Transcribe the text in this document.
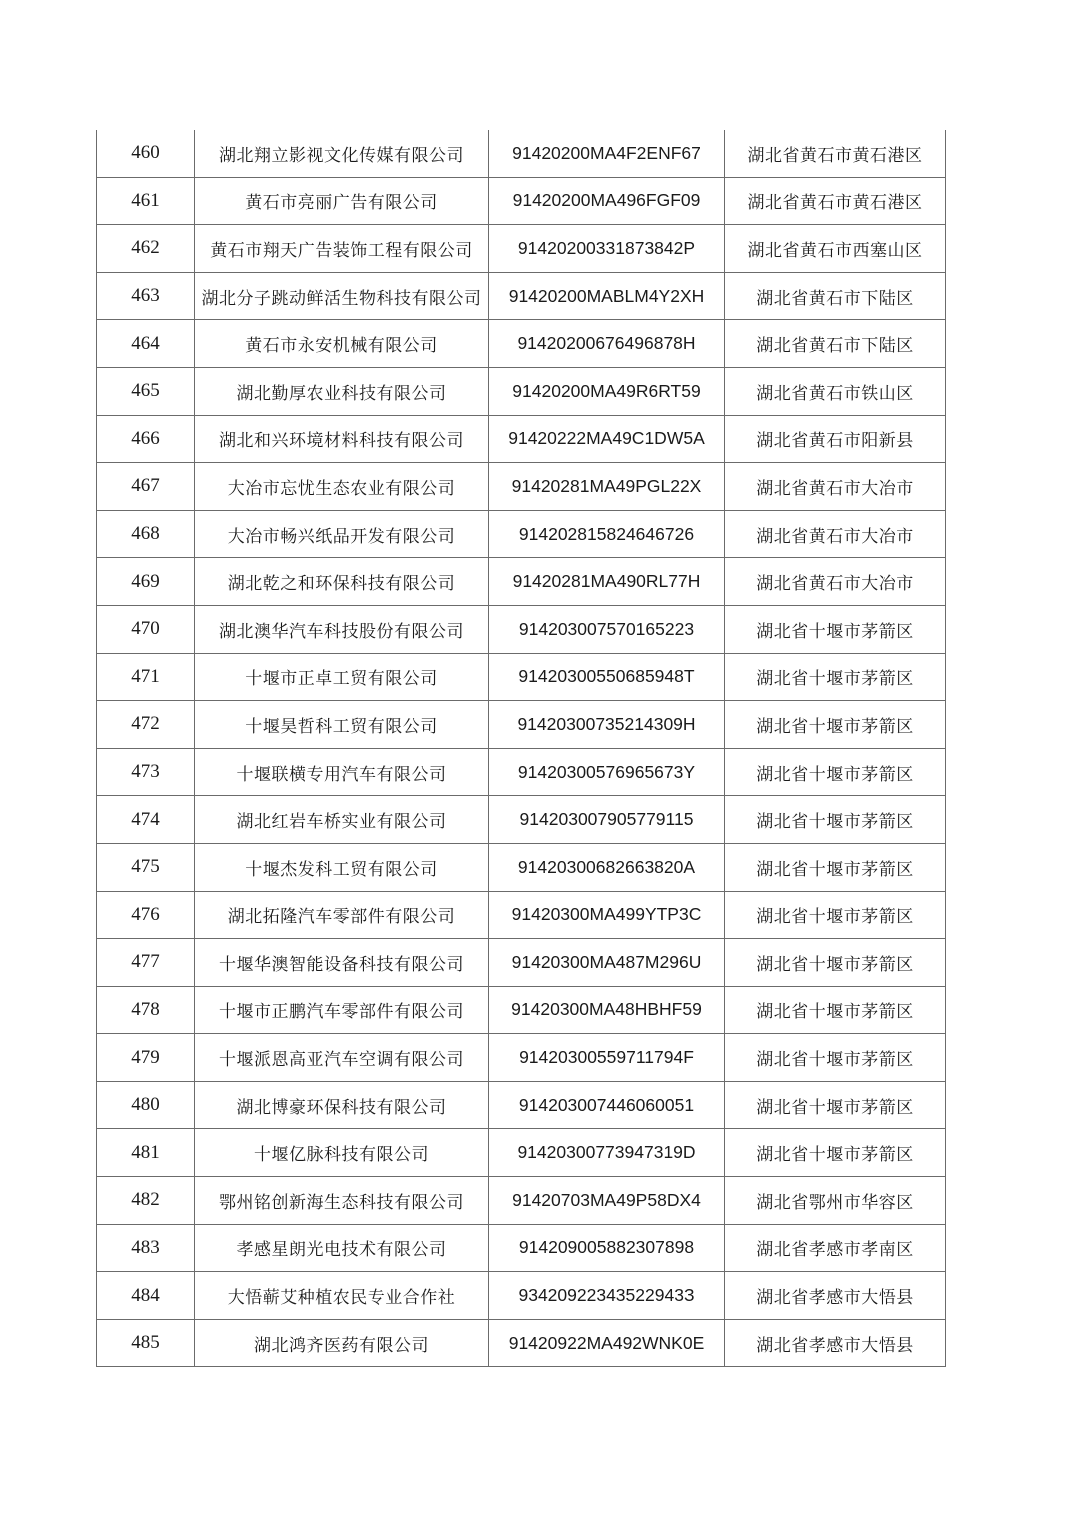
460	湖北翔立影视文化传媒有限公司	91420200MA4F2ENF67	湖北省黄石市黄石港区
461	黄石市亮丽广告有限公司	91420200MA496FGF09	湖北省黄石市黄石港区
462	黄石市翔天广告装饰工程有限公司	91420200331873842P	湖北省黄石市西塞山区
463	湖北分子跳动鲜活生物科技有限公司	91420200MABLM4Y2XH	湖北省黄石市下陆区
464	黄石市永安机械有限公司	91420200676496878H	湖北省黄石市下陆区
465	湖北勤厚农业科技有限公司	91420200MA49R6RT59	湖北省黄石市铁山区
466	湖北和兴环境材料科技有限公司	91420222MA49C1DW5A	湖北省黄石市阳新县
467	大冶市忘忧生态农业有限公司	91420281MA49PGL22X	湖北省黄石市大冶市
468	大冶市畅兴纸品开发有限公司	914202815824646726	湖北省黄石市大冶市
469	湖北乾之和环保科技有限公司	91420281MA490RL77H	湖北省黄石市大冶市
470	湖北澳华汽车科技股份有限公司	914203007570165223	湖北省十堰市茅箭区
471	十堰市正卓工贸有限公司	91420300550685948T	湖北省十堰市茅箭区
472	十堰昊哲科工贸有限公司	91420300735214309H	湖北省十堰市茅箭区
473	十堰联横专用汽车有限公司	91420300576965673Y	湖北省十堰市茅箭区
474	湖北红岩车桥实业有限公司	914203007905779115	湖北省十堰市茅箭区
475	十堰杰发科工贸有限公司	91420300682663820A	湖北省十堰市茅箭区
476	湖北拓隆汽车零部件有限公司	91420300MA499YTP3C	湖北省十堰市茅箭区
477	十堰华澳智能设备科技有限公司	91420300MA487M296U	湖北省十堰市茅箭区
478	十堰市正鹏汽车零部件有限公司	91420300MA48HBHF59	湖北省十堰市茅箭区
479	十堰派恩高亚汽车空调有限公司	91420300559711794F	湖北省十堰市茅箭区
480	湖北博豪环保科技有限公司	914203007446060051	湖北省十堰市茅箭区
481	十堰亿脉科技有限公司	91420300773947319D	湖北省十堰市茅箭区
482	鄂州铭创新海生态科技有限公司	91420703MA49P58DX4	湖北省鄂州市华容区
483	孝感星朗光电技术有限公司	914209005882307898	湖北省孝感市孝南区
484	大悟蕲艾种植农民专业合作社	93420922343522943З	湖北省孝感市大悟县
485	湖北鸿齐医药有限公司	91420922MA492WNK0E	湖北省孝感市大悟县
